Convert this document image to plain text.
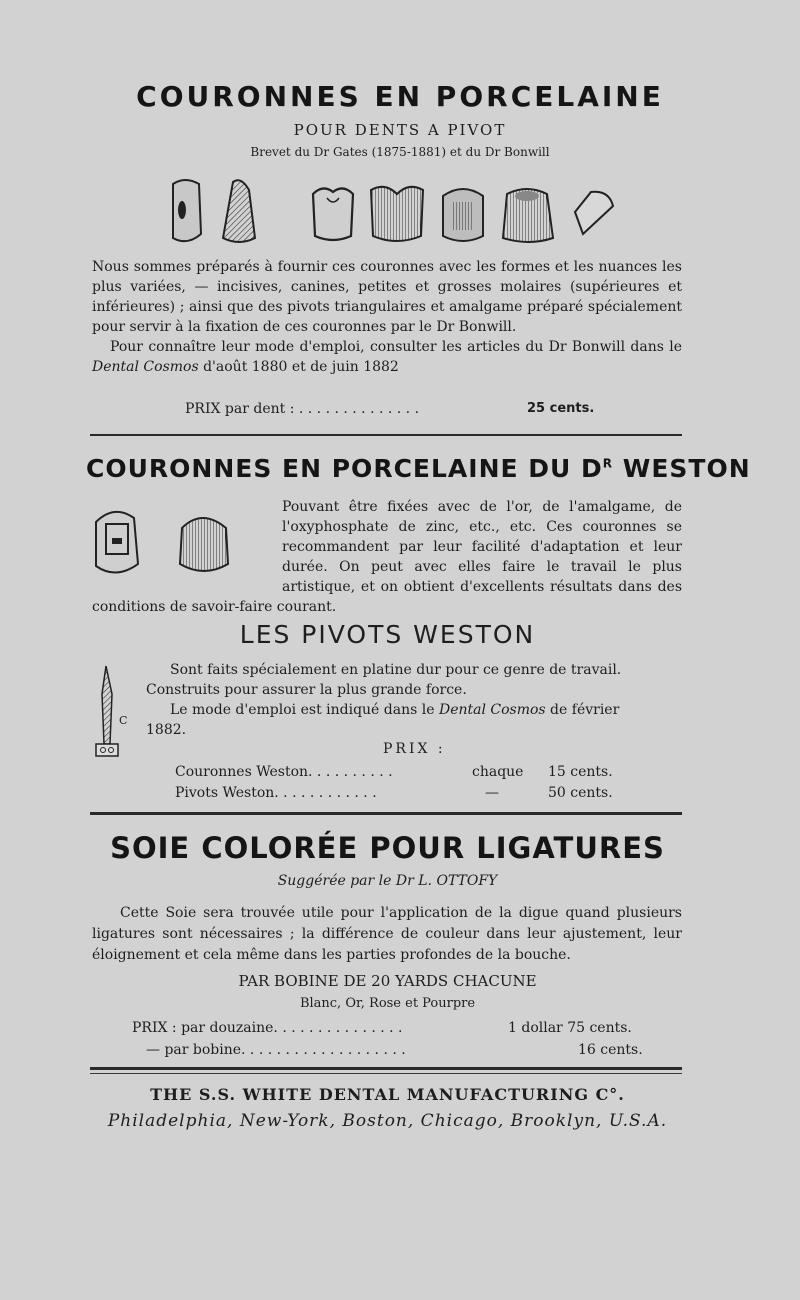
COURONNES EN PORCELAINE
POUR DENTS A PIVOT
Brevet du Dr Gates (1875-1881) et du Dr Bonwill

Nous sommes préparés à fournir ces couronnes avec les formes et les nuances les plus variées, — incisives, canines, petites et grosses molaires (supérieures et inférieures) ; ainsi que des pivots triangulaires et amalgame préparé spécialement pour servir à la fixation de ces couronnes par le Dr Bonwill.

Pour connaître leur mode d'emploi, consulter les articles du Dr Bonwill dans le Dental Cosmos d'août 1880 et de juin 1882

PRIX par dent : . . . . . . . . . . . . . .	25 cents.
COURONNES EN PORCELAINE DU $D^R$ WESTON

Pouvant être fixées avec de l'or, de l'amalgame, de l'oxyphosphate de zinc, etc., etc. Ces couronnes se recommandent par leur facilité d'adaptation et leur durée. On peut avec elles faire le travail le plus artistique, et on obtient d'excellents résultats dans des conditions de savoir-faire courant.

LES PIVOTS WESTON
C
Sont faits spécialement en platine dur pour ce genre de travail.
Construits pour assurer la plus grande force.
Le mode d'emploi est indiqué dans le Dental Cosmos de février
1882.
PRIX :
Couronnes Weston. . . . . . . . . .	chaque 15 cents.
Pivots Weston. . . . . . . . . . . .	—	50 cents.
SOIE COLORÉE POUR LIGATURES
Suggérée par le Dr L. OTTOFY

Cette Soie sera trouvée utile pour l'application de la digue quand plusieurs ligatures sont nécessaires ; la différence de couleur dans leur ajustement, leur éloignement et cela même dans les parties profondes de la bouche.

PAR BOBINE DE 20 YARDS CHACUNE
Blanc, Or, Rose et Pourpre
PRIX : par douzaine. . . . . . . . . . . . . . .	1 dollar 75 cents.
— par bobine. . . . . . . . . . . . . . . . . . .	16 cents.
THE S.S. WHITE DENTAL MANUFACTURING C°.
Philadelphia, New-York, Boston, Chicago, Brooklyn, U.S.A.
